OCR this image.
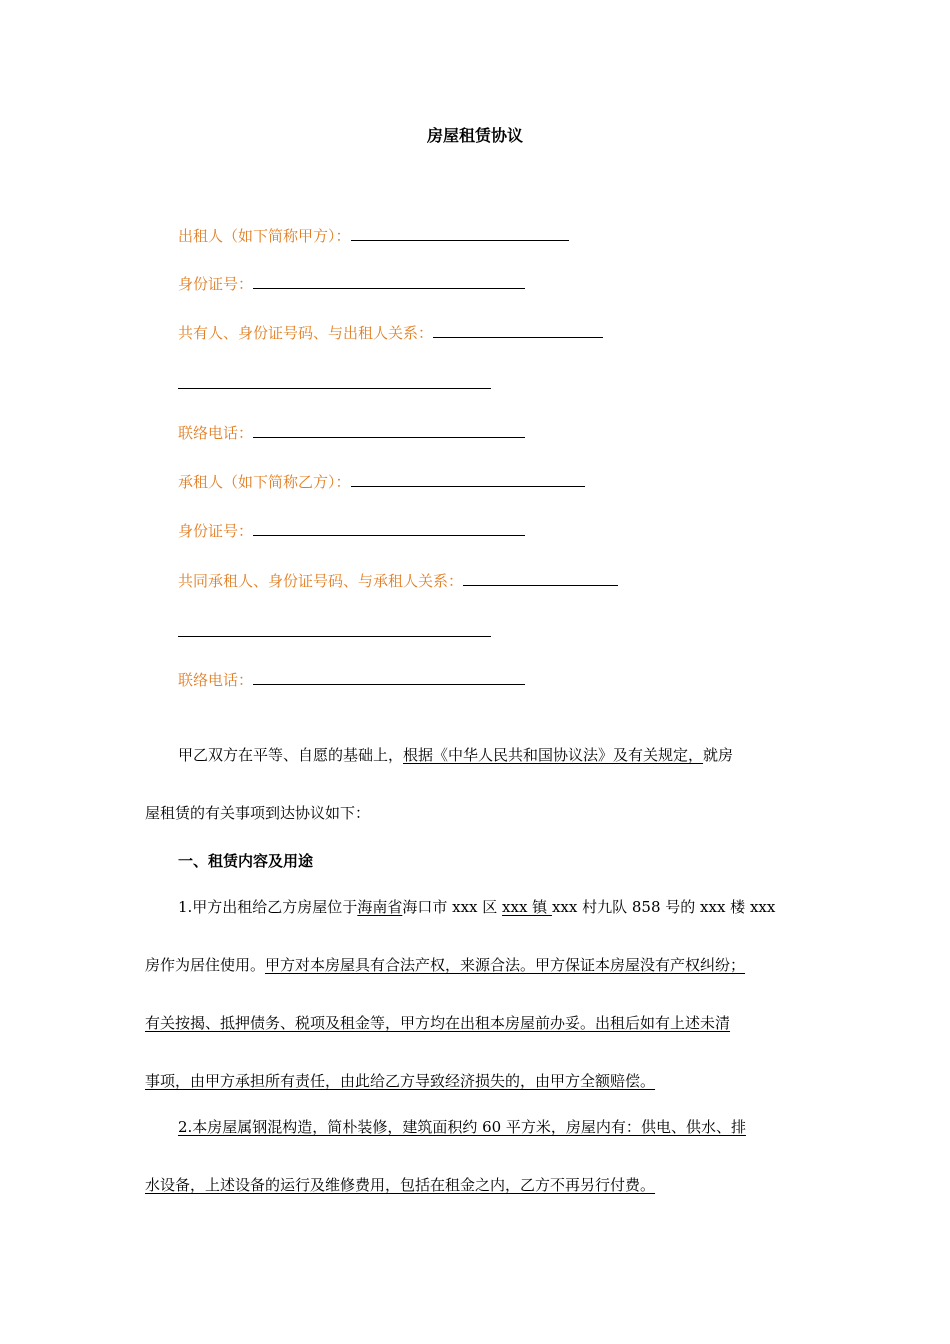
房屋租赁协议
出租人（如下简称甲方）：
身份证号：
共有人、身份证号码、与出租人关系：
联络电话：
承租人（如下简称乙方）：
身份证号：
共同承租人、身份证号码、与承租人关系：
联络电话：
甲乙双方在平等、自愿的基础上，根据《中华人民共和国协议法》及有关规定，就房
屋租赁的有关事项到达协议如下：
一、租赁内容及用途
1.甲方出租给乙方房屋位于海南省海口市 xxx 区 xxx 镇 xxx 村九队 858 号的 xxx 楼 xxx
房作为居住使用。甲方对本房屋具有合法产权，来源合法。甲方保证本房屋没有产权纠纷；
有关按揭、抵押债务、税项及租金等，甲方均在出租本房屋前办妥。出租后如有上述未清
事项，由甲方承担所有责任，由此给乙方导致经济损失的，由甲方全额赔偿。
2.本房屋属钢混构造，简朴装修，建筑面积约 60 平方米，房屋内有：供电、供水、排
水设备，上述设备的运行及维修费用，包括在租金之内，乙方不再另行付费。
